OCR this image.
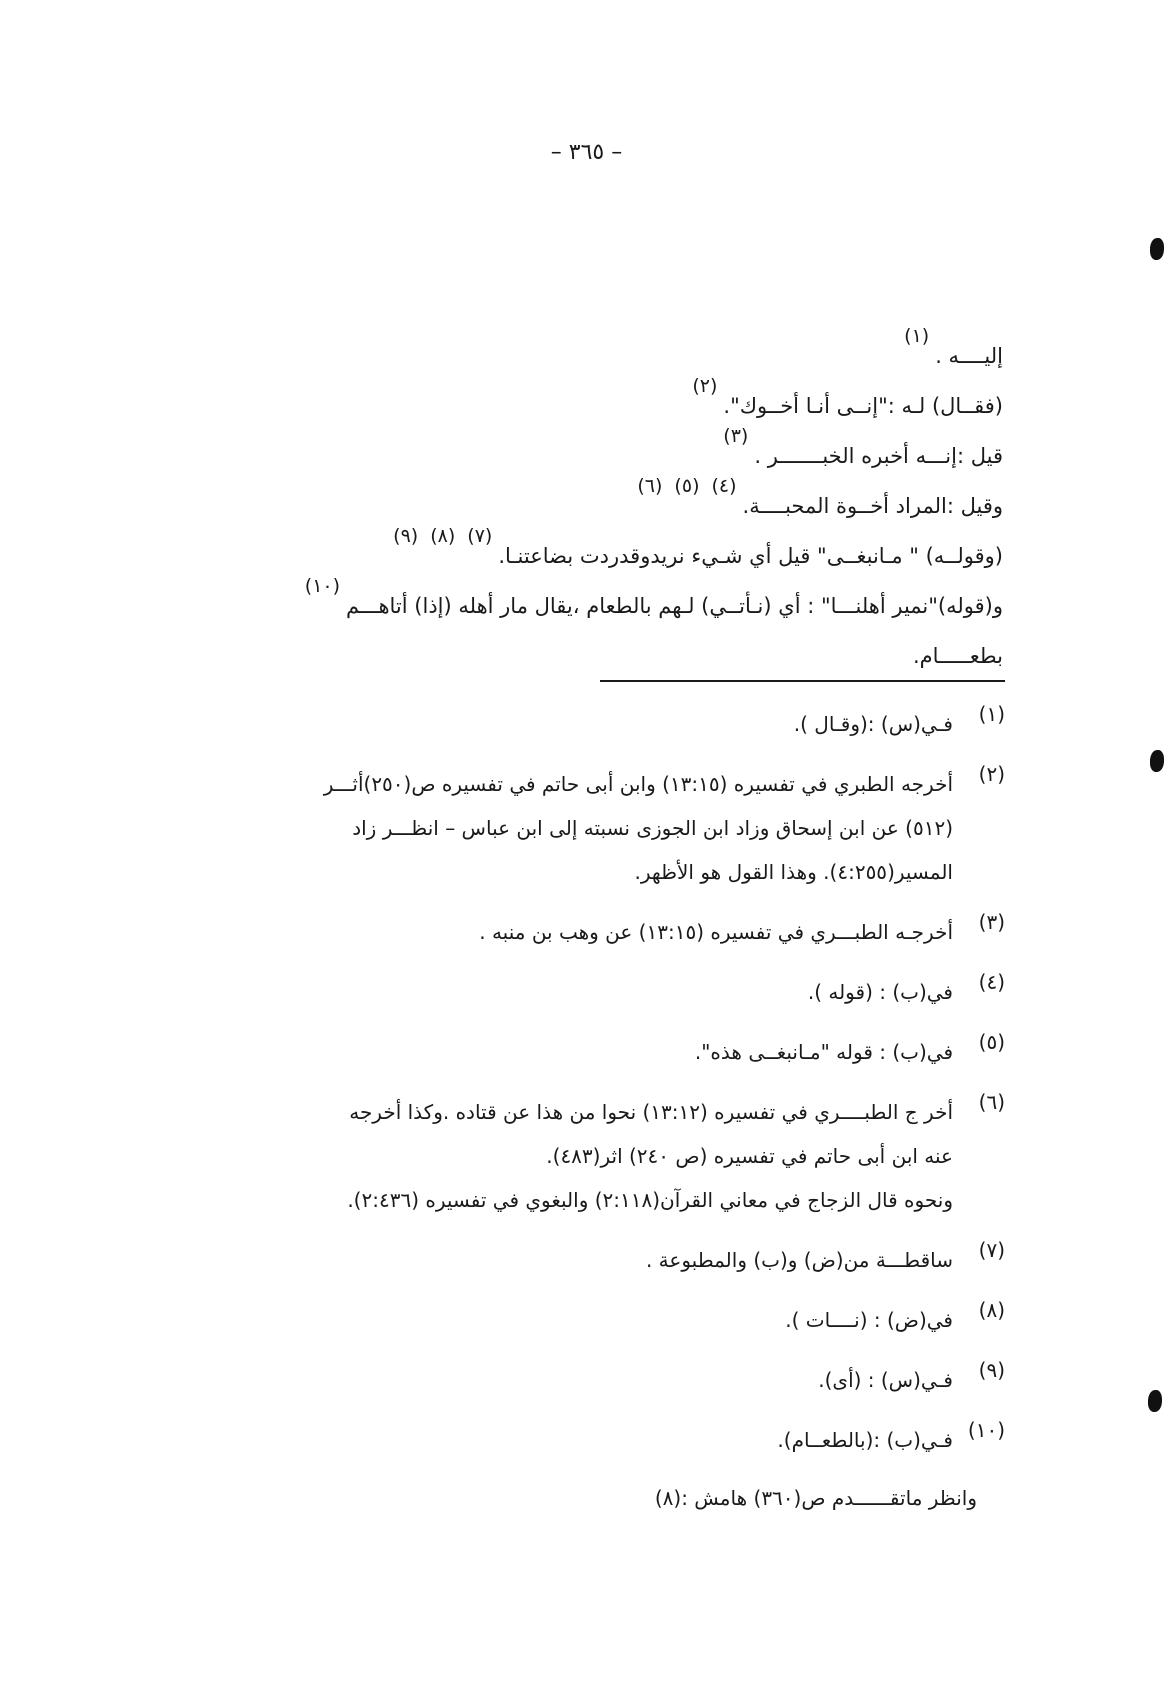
– ٣٦٥ –
إليــــه .
(١)
(فقــال) لـه :"إنــى أنـا أخــوك".
(٢)
قيل :إنـــه أخبره الخبـــــــر .
(٣)
وقيل :المراد أخــوة المحبــــة.
(٤)
(٥)
(٦)
(وقولــه) " مـانبغــى" قيل أي شـيء نريدوقدردت بضاعتنـا.
(٧)
(٨)
(٩)
و(قوله)"نمير أهلنـــا" : أي (نـأتــي) لـهم بالطعام ،يقال مار أهله (إذا) أتاهـــم
(١٠)
بطعـــــام.
(١)
فـي(س) :(وقـال ).
(٢)
أخرجه الطبري في تفسيره (١٣:١٥) وابن أبى حاتم في تفسيره ص(٢٥٠)أثـــر
(٥١٢) عن ابن إسحاق وزاد ابن الجوزى نسبته إلى ابن عباس – انظـــر زاد
المسير(٤:٢٥٥). وهذا القول هو الأظهر.
(٣)
أخرجـه الطبـــري في تفسيره (١٣:١٥) عن وهب بن منبه .
(٤)
في(ب) : (قوله ).
(٥)
في(ب) : قوله "مـانبغــى هذه".
(٦)
أخر ج الطبــــري في تفسيره (١٣:١٢) نحوا من هذا عن قتاده .وكذا أخرجه
عنه ابن أبى حاتم في تفسيره (ص ٢٤٠) اثر(٤٨٣).
ونحوه قال الزجاج في معاني القرآن(٢:١١٨) والبغوي في تفسيره (٢:٤٣٦).
(٧)
ساقطـــة من(ض) و(ب) والمطبوعة .
(٨)
في(ض) : (نــــات ).
(٩)
فـي(س) : (أى).
(١٠)
فـي(ب) :(بالطعــام).
وانظر ماتقــــــدم ص(٣٦٠) هامش :(٨)
